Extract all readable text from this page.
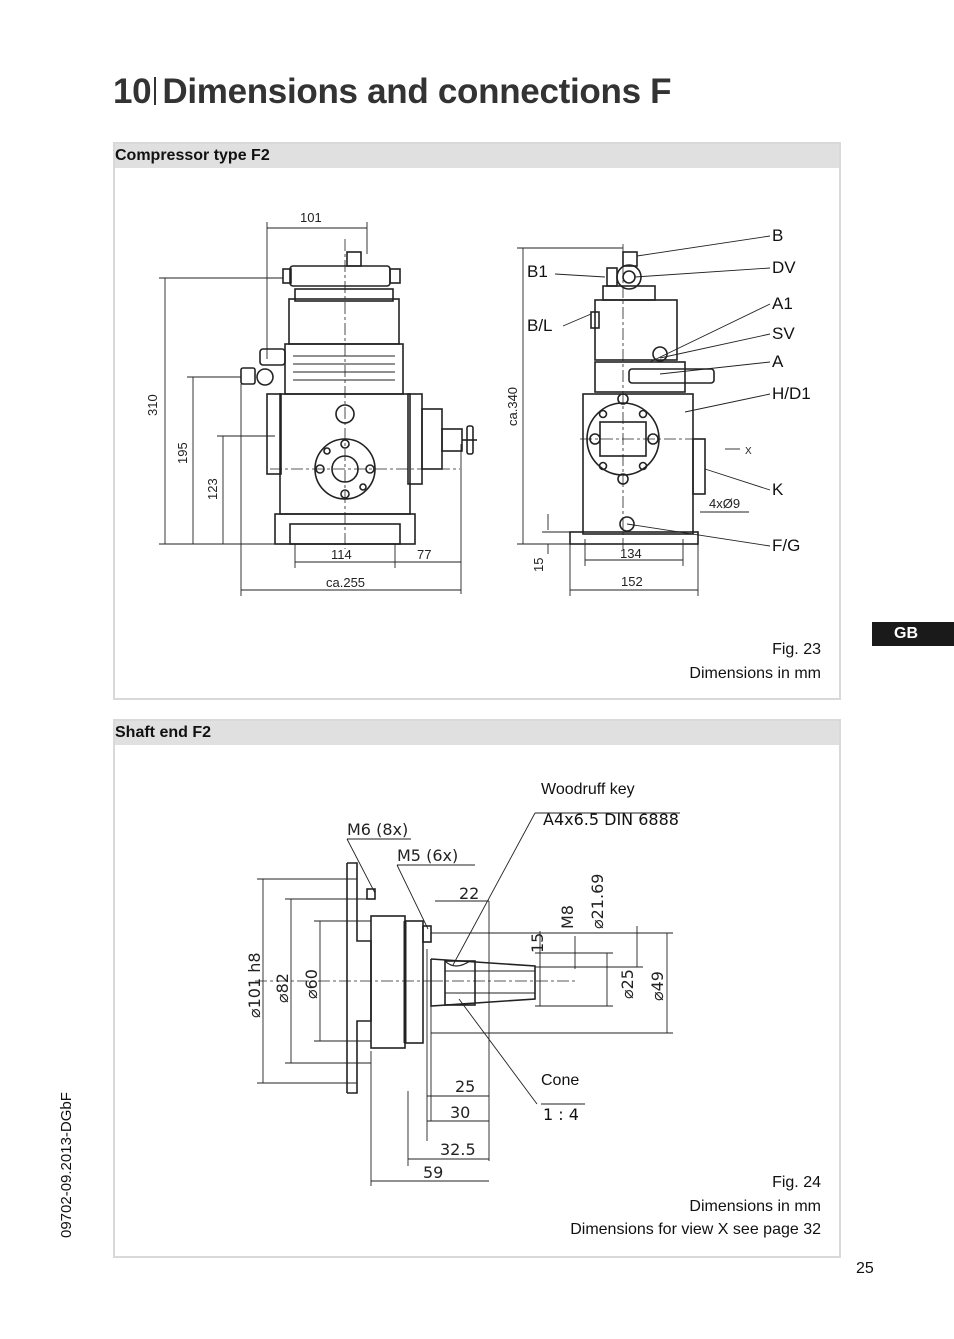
10 Dimensions and connections F
GB
09702-09.2013-DGbF
25
Compressor type F2
101
310
195
123
114	77
ca.255
ca.340
15
134
152
4xØ9
X
B
DV
A1
SV
A
H/D1
K
F/G
B1
B/L
Fig. 23
Dimensions in mm
Shaft end F2
⌀101 h8 ⌀82 ⌀60	⌀49
⌀25
⌀21.69
M8
15
22
25
30
32.5
59
M6 (8x)
M5 (6x)
Woodruff key
A4x6.5 DIN 6888
Cone
1 : 4
Fig. 24
Dimensions in mm
Dimensions for view X see page 32
